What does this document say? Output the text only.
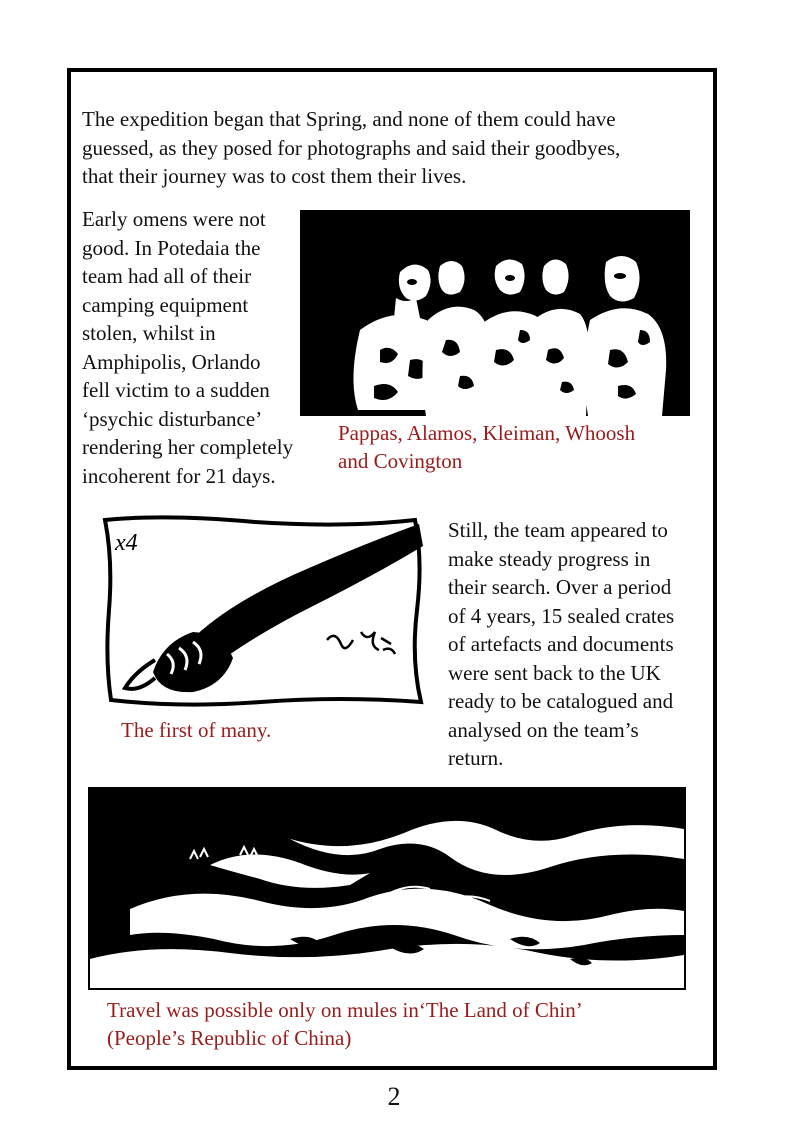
The expedition began that Spring, and none of them could have
guessed, as they posed for photographs and said their goodbyes,
that their journey was to cost them their lives.
Early omens were not
good. In Potedaia the
team had all of their
camping equipment
stolen, whilst in
Amphipolis, Orlando
fell victim to a sudden
‘psychic disturbance’
rendering her completely
incoherent for 21 days.
Pappas, Alamos, Kleiman, Whoosh
and Covington
x4
The first of many.
Still, the team appeared to
make steady progress in
their search. Over a period
of 4 years, 15 sealed crates
of artefacts and documents
were sent back to the UK
ready to be catalogued and
analysed on the team’s
return.
Travel was possible only on mules in‘The Land of Chin’
(People’s Republic of China)
2
